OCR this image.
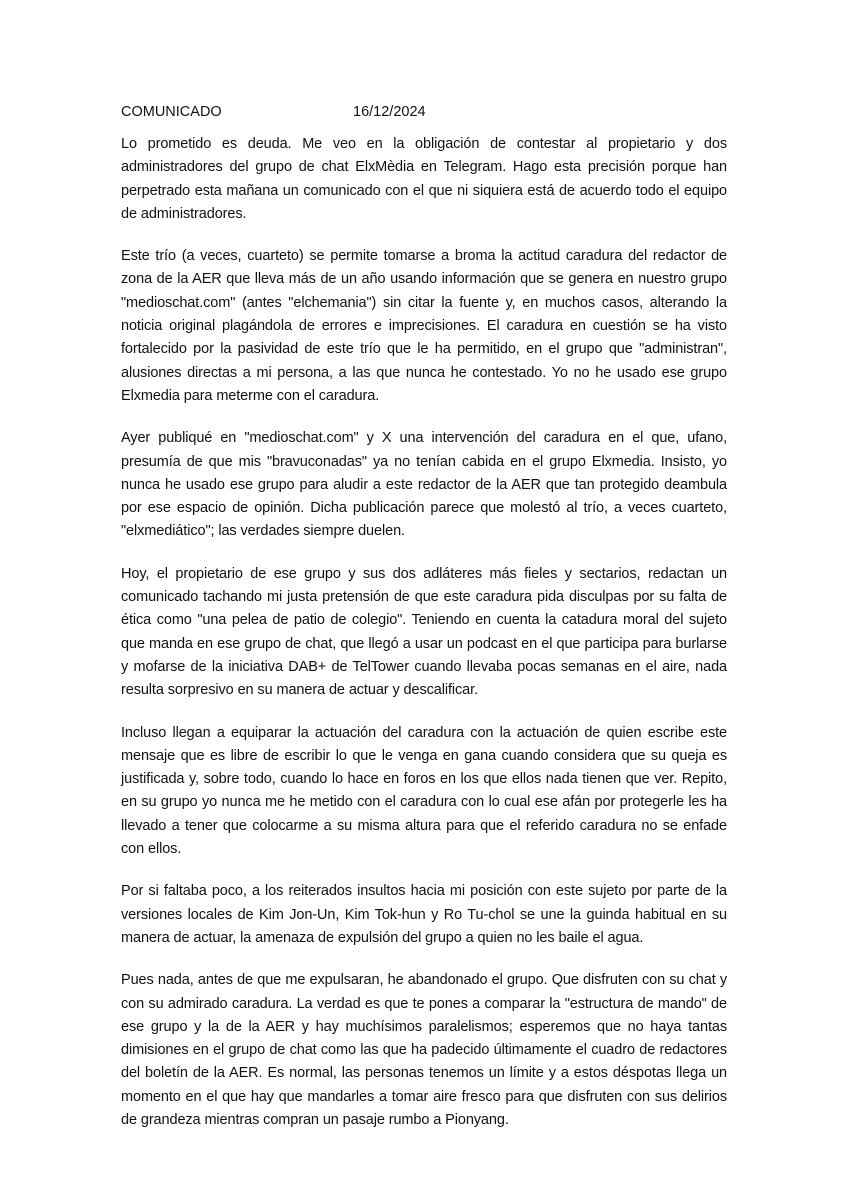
COMUNICADO	16/12/2024

Lo prometido es deuda. Me veo en la obligación de contestar al propietario y dos administradores del grupo de chat ElxMèdia en Telegram. Hago esta precisión porque han perpetrado esta mañana un comunicado con el que ni siquiera está de acuerdo todo el equipo de administradores.

Este trío (a veces, cuarteto) se permite tomarse a broma la actitud caradura del redactor de zona de la AER que lleva más de un año usando información que se genera en nuestro grupo "medioschat.com" (antes "elchemania") sin citar la fuente y, en muchos casos, alterando la noticia original plagándola de errores e imprecisiones. El caradura en cuestión se ha visto fortalecido por la pasividad de este trío que le ha permitido, en el grupo que "administran", alusiones directas a mi persona, a las que nunca he contestado. Yo no he usado ese grupo Elxmedia para meterme con el caradura.

Ayer publiqué en "medioschat.com" y X una intervención del caradura en el que, ufano, presumía de que mis "bravuconadas" ya no tenían cabida en el grupo Elxmedia. Insisto, yo nunca he usado ese grupo para aludir a este redactor de la AER que tan protegido deambula por ese espacio de opinión. Dicha publicación parece que molestó al trío, a veces cuarteto, "elxmediático"; las verdades siempre duelen.

Hoy, el propietario de ese grupo y sus dos adláteres más fieles y sectarios, redactan un comunicado tachando mi justa pretensión de que este caradura pida disculpas por su falta de ética como "una pelea de patio de colegio". Teniendo en cuenta la catadura moral del sujeto que manda en ese grupo de chat, que llegó a usar un podcast en el que participa para burlarse y mofarse de la iniciativa DAB+ de TelTower cuando llevaba pocas semanas en el aire, nada resulta sorpresivo en su manera de actuar y descalificar.

Incluso llegan a equiparar la actuación del caradura con la actuación de quien escribe este mensaje que es libre de escribir lo que le venga en gana cuando considera que su queja es justificada y, sobre todo, cuando lo hace en foros en los que ellos nada tienen que ver. Repito, en su grupo yo nunca me he metido con el caradura con lo cual ese afán por protegerle les ha llevado a tener que colocarme a su misma altura para que el referido caradura no se enfade con ellos.

Por si faltaba poco, a los reiterados insultos hacia mi posición con este sujeto por parte de la versiones locales de Kim Jon-Un, Kim Tok-hun y Ro Tu-chol se une la guinda habitual en su manera de actuar, la amenaza de expulsión del grupo a quien no les baile el agua.

Pues nada, antes de que me expulsaran, he abandonado el grupo. Que disfruten con su chat y con su admirado caradura. La verdad es que te pones a comparar la "estructura de mando" de ese grupo y la de la AER y hay muchísimos paralelismos; esperemos que no haya tantas dimisiones en el grupo de chat como las que ha padecido últimamente el cuadro de redactores del boletín de la AER. Es normal, las personas tenemos un límite y a estos déspotas llega un momento en el que hay que mandarles a tomar aire fresco para que disfruten con sus delirios de grandeza mientras compran un pasaje rumbo a Pionyang.
